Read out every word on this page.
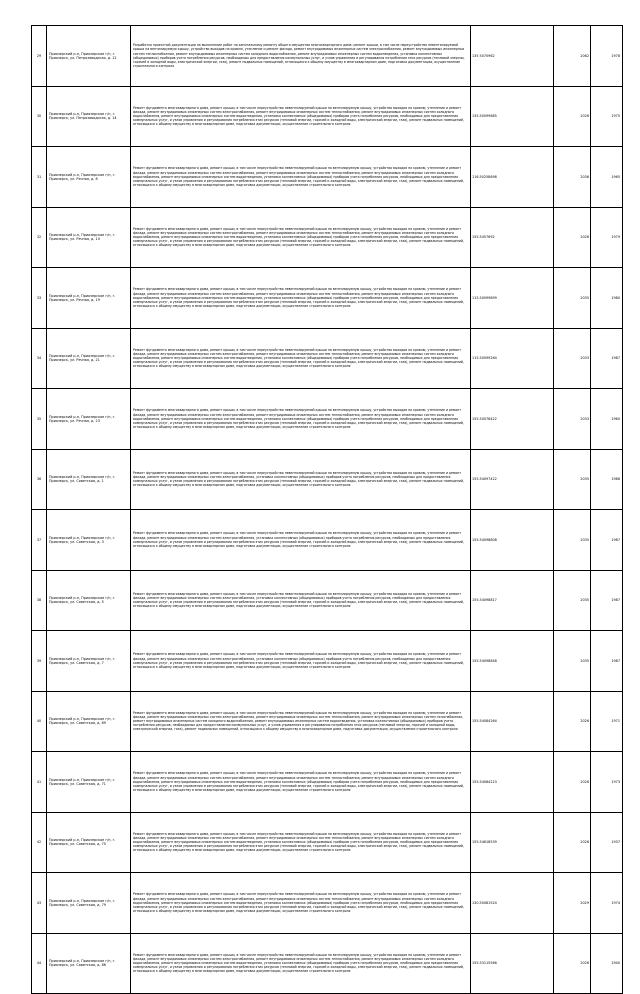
29	Приозерский р-н, Приозерское г/п, г. Приозерск, ул. Петрозаводская, д. 12	Разработка проектной документации на выполнение работ по капитальному ремонту общего имущества многоквартирного дома: ремонт крыши, в том числе переустройство невентилируемой крыши на вентилируемую крышу, устройство выходов на кровлю, утепление и ремонт фасада, ремонт внутридомовых инженерных систем электроснабжения, ремонт внутридомовых инженерных систем теплоснабжения, ремонт внутридомовых инженерных систем холодного водоснабжения, ремонт внутридомовых инженерных систем водоотведения, установка коллективных (общедомовых) приборов учета потребления ресурсов, необходимых для предоставления коммунальных услуг, и узлов управления и регулирования потребления этих ресурсов (тепловой энергии, горячей и холодной воды, электрической энергии, газа), ремонт подвальных помещений, относящихся к общему имуществу в многоквартирном доме, подготовка документации, осуществление строительного контроля	135 5070962	2062	1978
30	Приозерский р-н, Приозерское г/п, г. Приозерск, ул. Петрозаводская, д. 14	Ремонт фундамента многоквартирного дома, ремонт крыши, в том числе переустройство невентилируемой крыши на вентилируемую крышу, устройство выходов на кровлю, утепление и ремонт фасада, ремонт внутридомовых инженерных систем электроснабжения, ремонт внутридомовых инженерных систем теплоснабжения, ремонт внутридомовых инженерных систем холодного водоснабжения, ремонт внутридомовых инженерных систем водоотведения, установка коллективных (общедомовых) приборов учета потребления ресурсов, необходимых для предоставления коммунальных услуг, и узлов управления и регулирования потребления этих ресурсов (тепловой энергии, горячей и холодной воды, электрической энергии, газа), ремонт подвальных помещений, относящихся к общему имуществу в многоквартирном доме, подготовка документации, осуществление строительного контроля	135.50099685	2026	1975
31	Приозерский р-н, Приозерское г/п, г. Приозерск, ул. Речная, д. 8	Ремонт фундамента многоквартирного дома, ремонт крыши, в том числе переустройство невентилируемой крыши на вентилируемую крышу, устройство выходов на кровлю, утепление и ремонт фасада, ремонт внутридомовых инженерных систем электроснабжения, ремонт внутридомовых инженерных систем теплоснабжения, ремонт внутридомовых инженерных систем холодного водоснабжения, ремонт внутридомовых инженерных систем водоотведения, установка коллективных (общедомовых) приборов учета потребления ресурсов, необходимых для предоставления коммунальных услуг, и узлов управления и регулирования потребления этих ресурсов (тепловой энергии, горячей и холодной воды, электрической энергии, газа), ремонт подвальных помещений, относящихся к общему имуществу в многоквартирном доме, подготовка документации, осуществление строительного контроля	116.50258698	2036	1965
32	Приозерский р-н, Приозерское г/п, г. Приозерск, ул. Речная, д. 10	Ремонт фундамента многоквартирного дома, ремонт крыши, в том числе переустройство невентилируемой крыши на вентилируемую крышу, устройство выходов на кровлю, утепление и ремонт фасада, ремонт внутридомовых инженерных систем электроснабжения, ремонт внутридомовых инженерных систем теплоснабжения, ремонт внутридомовых инженерных систем холодного водоснабжения, ремонт внутридомовых инженерных систем водоотведения, установка коллективных (общедомовых) приборов учета потребления ресурсов, необходимых для предоставления коммунальных услуг, и узлов управления и регулирования потребления этих ресурсов (тепловой энергии, горячей и холодной воды, электрической энергии, газа), ремонт подвальных помещений, относящихся к общему имуществу в многоквартирном доме, подготовка документации, осуществление строительного контроля	155.5457692	2026	1979
33	Приозерский р-н, Приозерское г/п, г. Приозерск, ул. Речная, д. 19	Ремонт фундамента многоквартирного дома, ремонт крыши, в том числе переустройство невентилируемой крыши на вентилируемую крышу, устройство выходов на кровлю, утепление и ремонт фасада, ремонт внутридомовых инженерных систем электроснабжения, ремонт внутридомовых инженерных систем теплоснабжения, ремонт внутридомовых инженерных систем холодного водоснабжения, ремонт внутридомовых инженерных систем водоотведения, установка коллективных (общедомовых) приборов учета потребления ресурсов, необходимых для предоставления коммунальных услуг, и узлов управления и регулирования потребления этих ресурсов (тепловой энергии, горячей и холодной воды, электрической энергии, газа), ремонт подвальных помещений, относящихся к общему имуществу в многоквартирном доме, подготовка документации, осуществление строительного контроля	115.50099899	2035	1980
34	Приозерский р-н, Приозерское г/п, г. Приозерск, ул. Речная, д. 21	Ремонт фундамента многоквартирного дома, ремонт крыши, в том числе переустройство невентилируемой крыши на вентилируемую крышу, устройство выходов на кровлю, утепление и ремонт фасада, ремонт внутридомовых инженерных систем электроснабжения, ремонт внутридомовых инженерных систем теплоснабжения, ремонт внутридомовых инженерных систем холодного водоснабжения, ремонт внутридомовых инженерных систем водоотведения, установка коллективных (общедомовых) приборов учета потребления ресурсов, необходимых для предоставления коммунальных услуг, и узлов управления и регулирования потребления этих ресурсов (тепловой энергии, горячей и холодной воды, электрической энергии, газа), ремонт подвальных помещений, относящихся к общему имуществу в многоквартирном доме, подготовка документации, осуществление строительного контроля	115.50099264	2033	1987
35	Приозерский р-н, Приозерское г/п, г. Приозерск, ул. Речная, д. 23	Ремонт фундамента многоквартирного дома, ремонт крыши, в том числе переустройство невентилируемой крыши на вентилируемую крышу, устройство выходов на кровлю, утепление и ремонт фасада, ремонт внутридомовых инженерных систем электроснабжения, ремонт внутридомовых инженерных систем теплоснабжения, ремонт внутридомовых инженерных систем холодного водоснабжения, ремонт внутридомовых инженерных систем водоотведения, установка коллективных (общедомовых) приборов учета потребления ресурсов, необходимых для предоставления коммунальных услуг, и узлов управления и регулирования потребления этих ресурсов (тепловой энергии, горячей и холодной воды, электрической энергии, газа), ремонт подвальных помещений, относящихся к общему имуществу в многоквартирном доме, подготовка документации, осуществление строительного контроля	155.50078422	2033	1960
36	Приозерский р-н, Приозерское г/п, г. Приозерск, ул. Советская, д. 1	Ремонт фундамента многоквартирного дома, ремонт крыши, в том числе переустройство невентилируемой крыши на вентилируемую крышу, устройство выходов на кровлю, утепление и ремонт фасада, ремонт внутридомовых инженерных систем электроснабжения, установка коллективных (общедомовых) приборов учета потребления ресурсов, необходимых для предоставления коммунальных услуг, и узлов управления и регулирования потребления этих ресурсов (тепловой энергии, горячей и холодной воды, электрической энергии, газа), ремонт подвальных помещений, относящихся к общему имуществу в многоквартирном доме, подготовка документации, осуществление строительного контроля	155.54097422	2035	1986
37	Приозерский р-н, Приозерское г/п, г. Приозерск, ул. Советская, д. 3	Ремонт фундамента многоквартирного дома, ремонт крыши, в том числе переустройство невентилируемой крыши на вентилируемую крышу, устройство выходов на кровлю, утепление и ремонт фасада, ремонт внутридомовых инженерных систем электроснабжения, установка коллективных (общедомовых) приборов учета потребления ресурсов, необходимых для предоставления коммунальных услуг, и узлов управления и регулирования потребления этих ресурсов (тепловой энергии, горячей и холодной воды, электрической энергии, газа), ремонт подвальных помещений, относящихся к общему имуществу в многоквартирном доме, подготовка документации, осуществление строительного контроля	155.54098808	2035	1987
38	Приозерский р-н, Приозерское г/п, г. Приозерск, ул. Советская, д. 5	Ремонт фундамента многоквартирного дома, ремонт крыши, в том числе переустройство невентилируемой крыши на вентилируемую крышу, устройство выходов на кровлю, утепление и ремонт фасада, ремонт внутридомовых инженерных систем электроснабжения, установка коллективных (общедомовых) приборов учета потребления ресурсов, необходимых для предоставления коммунальных услуг, и узлов управления и регулирования потребления этих ресурсов (тепловой энергии, горячей и холодной воды, электрической энергии, газа), ремонт подвальных помещений, относящихся к общему имуществу в многоквартирном доме, подготовка документации, осуществление строительного контроля	155.54098817	2035	1987
39	Приозерский р-н, Приозерское г/п, г. Приозерск, ул. Советская, д. 7	Ремонт фундамента многоквартирного дома, ремонт крыши, в том числе переустройство невентилируемой крыши на вентилируемую крышу, устройство выходов на кровлю, утепление и ремонт фасада, ремонт внутридомовых инженерных систем электроснабжения, установка коллективных (общедомовых) приборов учета потребления ресурсов, необходимых для предоставления коммунальных услуг, и узлов управления и регулирования потребления этих ресурсов (тепловой энергии, горячей и холодной воды, электрической энергии, газа), ремонт подвальных помещений, относящихся к общему имуществу в многоквартирном доме, подготовка документации, осуществление строительного контроля	155.54098848	2035	1987
40	Приозерский р-н, Приозерское г/п, г. Приозерск, ул. Советская, д. 69	Ремонт фундамента многоквартирного дома, ремонт крыши, в том числе переустройство невентилируемой крыши на вентилируемую крышу, устройство выходов на кровлю, утепление и ремонт фасада, ремонт внутридомовых инженерных систем электроснабжения, ремонт внутридомовых инженерных систем теплоснабжения, ремонт внутридомовых инженерных систем газоснабжения, ремонт внутридомовых инженерных систем холодного водоснабжения, ремонт внутридомовых инженерных систем водоотведения, установка коллективных (общедомовых) приборов учета потребления ресурсов, необходимых для предоставления коммунальных услуг, и узлов управления и регулирования потребления этих ресурсов (тепловой энергии, горячей и холодной воды, электрической энергии, газа), ремонт подвальных помещений, относящихся к общему имуществу в многоквартирном доме, подготовка документации, осуществление строительного контроля	155.54084264	2026	1971
41	Приозерский р-н, Приозерское г/п, г. Приозерск, ул. Советская, д. 71	Ремонт фундамента многоквартирного дома, ремонт крыши, в том числе переустройство невентилируемой крыши на вентилируемую крышу, устройство выходов на кровлю, утепление и ремонт фасада, ремонт внутридомовых инженерных систем электроснабжения, ремонт внутридомовых инженерных систем теплоснабжения, ремонт внутридомовых инженерных систем холодного водоснабжения, ремонт внутридомовых инженерных систем водоотведения, установка коллективных (общедомовых) приборов учета потребления ресурсов, необходимых для предоставления коммунальных услуг, и узлов управления и регулирования потребления этих ресурсов (тепловой энергии, горячей и холодной воды, электрической энергии, газа), ремонт подвальных помещений, относящихся к общему имуществу в многоквартирном доме, подготовка документации, осуществление строительного контроля	155.54084223	2026	1973
42	Приозерский р-н, Приозерское г/п, г. Приозерск, ул. Советская, д. 75	Ремонт фундамента многоквартирного дома, ремонт крыши, в том числе переустройство невентилируемой крыши на вентилируемую крышу, устройство выходов на кровлю, утепление и ремонт фасада, ремонт внутридомовых инженерных систем электроснабжения, ремонт внутридомовых инженерных систем теплоснабжения, ремонт внутридомовых инженерных систем холодного водоснабжения, ремонт внутридомовых инженерных систем водоотведения, установка коллективных (общедомовых) приборов учета потребления ресурсов, необходимых для предоставления коммунальных услуг, и узлов управления и регулирования потребления этих ресурсов (тепловой энергии, горячей и холодной воды, электрической энергии, газа), ремонт подвальных помещений, относящихся к общему имуществу в многоквартирном доме, подготовка документации, осуществление строительного контроля	155.54618539	2026	1937
43	Приозерский р-н, Приозерское г/п, г. Приозерск, ул. Советская, д. 79	Ремонт фундамента многоквартирного дома, ремонт крыши, в том числе переустройство невентилируемой крыши на вентилируемую крышу, устройство выходов на кровлю, утепление и ремонт фасада, ремонт внутридомовых инженерных систем электроснабжения, ремонт внутридомовых инженерных систем теплоснабжения, ремонт внутридомовых инженерных систем холодного водоснабжения, ремонт внутридомовых инженерных систем водоотведения, установка коллективных (общедомовых) приборов учета потребления ресурсов, необходимых для предоставления коммунальных услуг, и узлов управления и регулирования потребления этих ресурсов (тепловой энергии, горячей и холодной воды, электрической энергии, газа), ремонт подвальных помещений, относящихся к общему имуществу в многоквартирном доме, подготовка документации, осуществление строительного контроля	130.50081524	2029	1974
44	Приозерский р-н, Приозерское г/п, г. Приозерск, ул. Советская, д. 86	Ремонт фундамента многоквартирного дома, ремонт крыши, в том числе переустройство невентилируемой крыши на вентилируемую крышу, устройство выходов на кровлю, утепление и ремонт фасада, ремонт внутридомовых инженерных систем электроснабжения, ремонт внутридомовых инженерных систем теплоснабжения, ремонт внутридомовых инженерных систем холодного водоснабжения, ремонт внутридомовых инженерных систем водоотведения, установка коллективных (общедомовых) приборов учета потребления ресурсов, необходимых для предоставления коммунальных услуг, и узлов управления и регулирования потребления этих ресурсов (тепловой энергии, горячей и холодной воды, электрической энергии, газа), ремонт подвальных помещений, относящихся к общему имуществу в многоквартирном доме, подготовка документации, осуществление строительного контроля	155.53115566	2026	1940
